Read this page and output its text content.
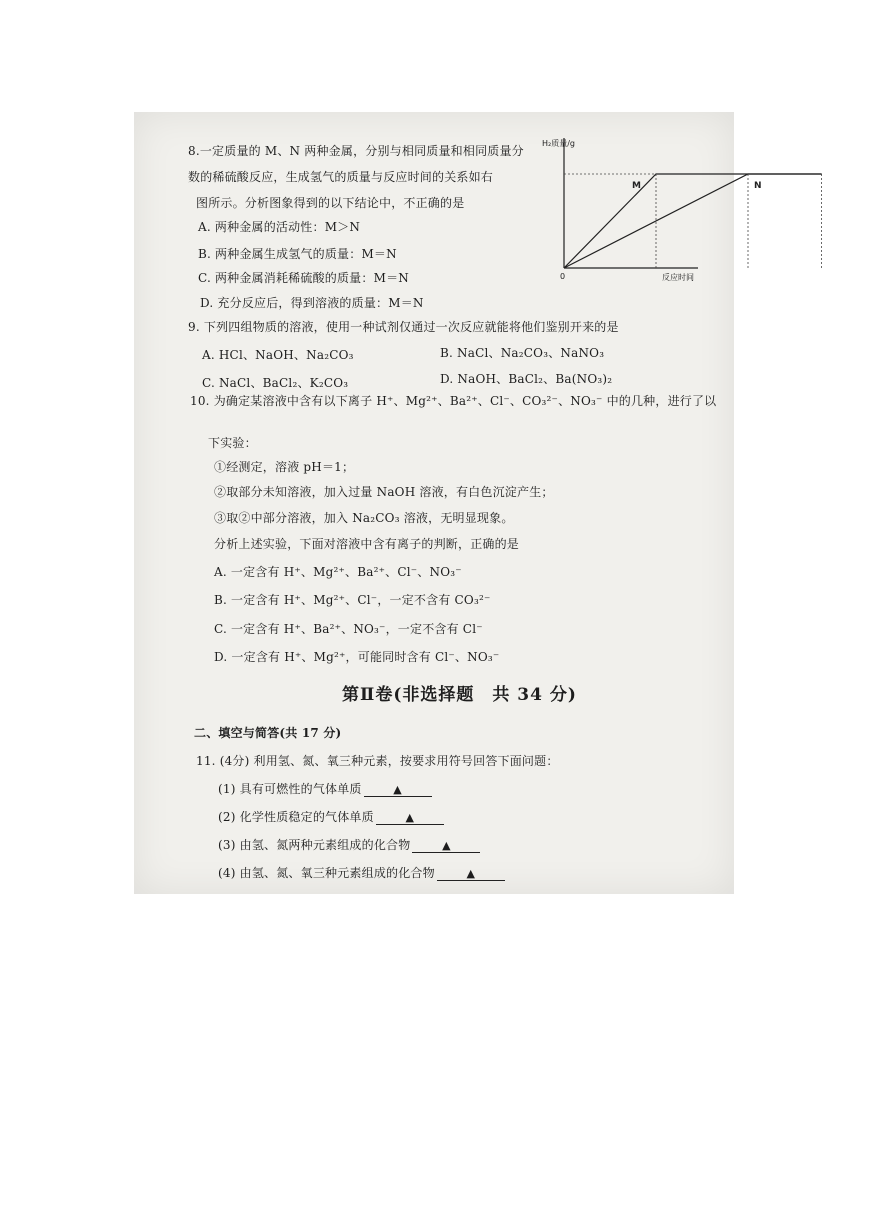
8.一定质量的 M、N 两种金属，分别与相同质量和相同质量分
数的稀硫酸反应，生成氢气的质量与反应时间的关系如右
图所示。分析图象得到的以下结论中，不正确的是
A. 两种金属的活动性：M＞N
B. 两种金属生成氢气的质量：M＝N
C. 两种金属消耗稀硫酸的质量：M＝N
D. 充分反应后，得到溶液的质量：M＝N
M	N
H₂质量/g
反应时间
0
9. 下列四组物质的溶液，使用一种试剂仅通过一次反应就能将他们鉴别开来的是
A. HCl、NaOH、Na₂CO₃	B. NaCl、Na₂CO₃、NaNO₃
C. NaCl、BaCl₂、K₂CO₃	D. NaOH、BaCl₂、Ba(NO₃)₂
10. 为确定某溶液中含有以下离子 H⁺、Mg²⁺、Ba²⁺、Cl⁻、CO₃²⁻、NO₃⁻ 中的几种，进行了以
下实验：
①经测定，溶液 pH＝1；
②取部分未知溶液，加入过量 NaOH 溶液，有白色沉淀产生；
③取②中部分溶液，加入 Na₂CO₃ 溶液，无明显现象。
分析上述实验，下面对溶液中含有离子的判断，正确的是
A. 一定含有 H⁺、Mg²⁺、Ba²⁺、Cl⁻、NO₃⁻
B. 一定含有 H⁺、Mg²⁺、Cl⁻，一定不含有 CO₃²⁻
C. 一定含有 H⁺、Ba²⁺、NO₃⁻，一定不含有 Cl⁻
D. 一定含有 H⁺、Mg²⁺，可能同时含有 Cl⁻、NO₃⁻
第Ⅱ卷(非选择题　共 34 分)
二、填空与简答(共 17 分)
11. (4分) 利用氢、氮、氧三种元素，按要求用符号回答下面问题：
(1) 具有可燃性的气体单质	▲
(2) 化学性质稳定的气体单质	▲
(3) 由氢、氮两种元素组成的化合物	▲
(4) 由氢、氮、氧三种元素组成的化合物	▲
